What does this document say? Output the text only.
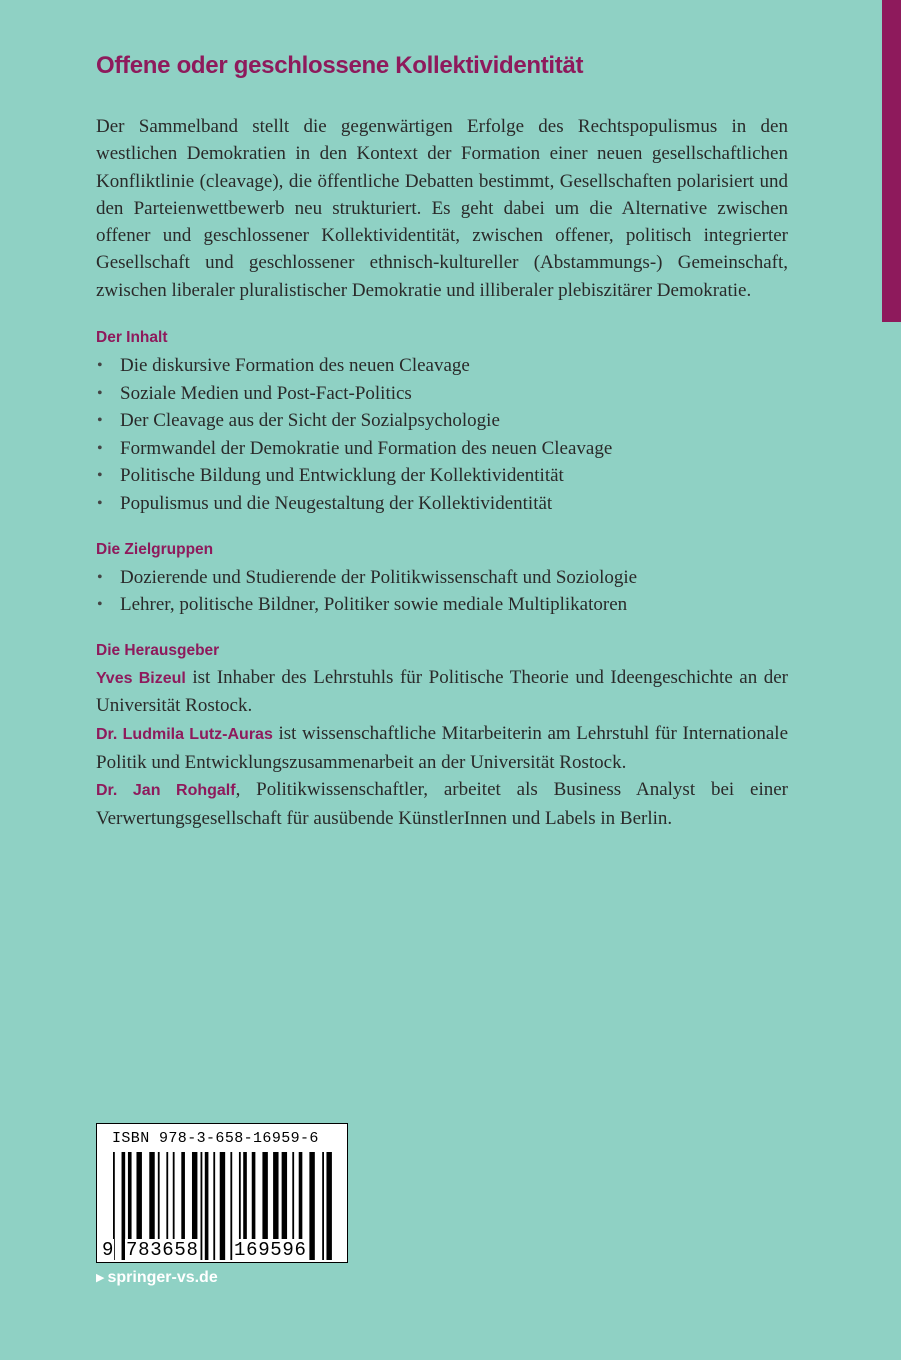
Offene oder geschlossene Kollektividentität

Der Sammelband stellt die gegenwärtigen Erfolge des Rechtspopulismus in den westlichen Demokratien in den Kontext der Formation einer neuen gesellschaftlichen Konfliktlinie (cleavage), die öffentliche Debatten bestimmt, Gesellschaften polarisiert und den Parteienwettbewerb neu strukturiert. Es geht dabei um die Alternative zwischen offener und geschlossener Kollektividentität, zwischen offener, politisch integrierter Gesellschaft und geschlossener ethnisch-kultureller (Abstammungs-) Gemeinschaft, zwischen liberaler pluralistischer Demokratie und illiberaler plebiszitärer Demokratie.

Der Inhalt
• Die diskursive Formation des neuen Cleavage
• Soziale Medien und Post-Fact-Politics
• Der Cleavage aus der Sicht der Sozialpsychologie
• Formwandel der Demokratie und Formation des neuen Cleavage
• Politische Bildung und Entwicklung der Kollektividentität
• Populismus und die Neugestaltung der Kollektividentität
Die Zielgruppen
• Dozierende und Studierende der Politikwissenschaft und Soziologie
• Lehrer, politische Bildner, Politiker sowie mediale Multiplikatoren
Die Herausgeber

Yves Bizeul ist Inhaber des Lehrstuhls für Politische Theorie und Ideengeschichte an der Universität Rostock.

Dr. Ludmila Lutz-Auras ist wissenschaftliche Mitarbeiterin am Lehrstuhl für Internationale Politik und Entwicklungszusammenarbeit an der Universität Rostock.

Dr. Jan Rohgalf, Politikwissenschaftler, arbeitet als Business Analyst bei einer Verwertungsgesellschaft für ausübende KünstlerInnen und Labels in Berlin.

ISBN 978-3-658-16959-6
9 783658 169596
▶ springer-vs.de
